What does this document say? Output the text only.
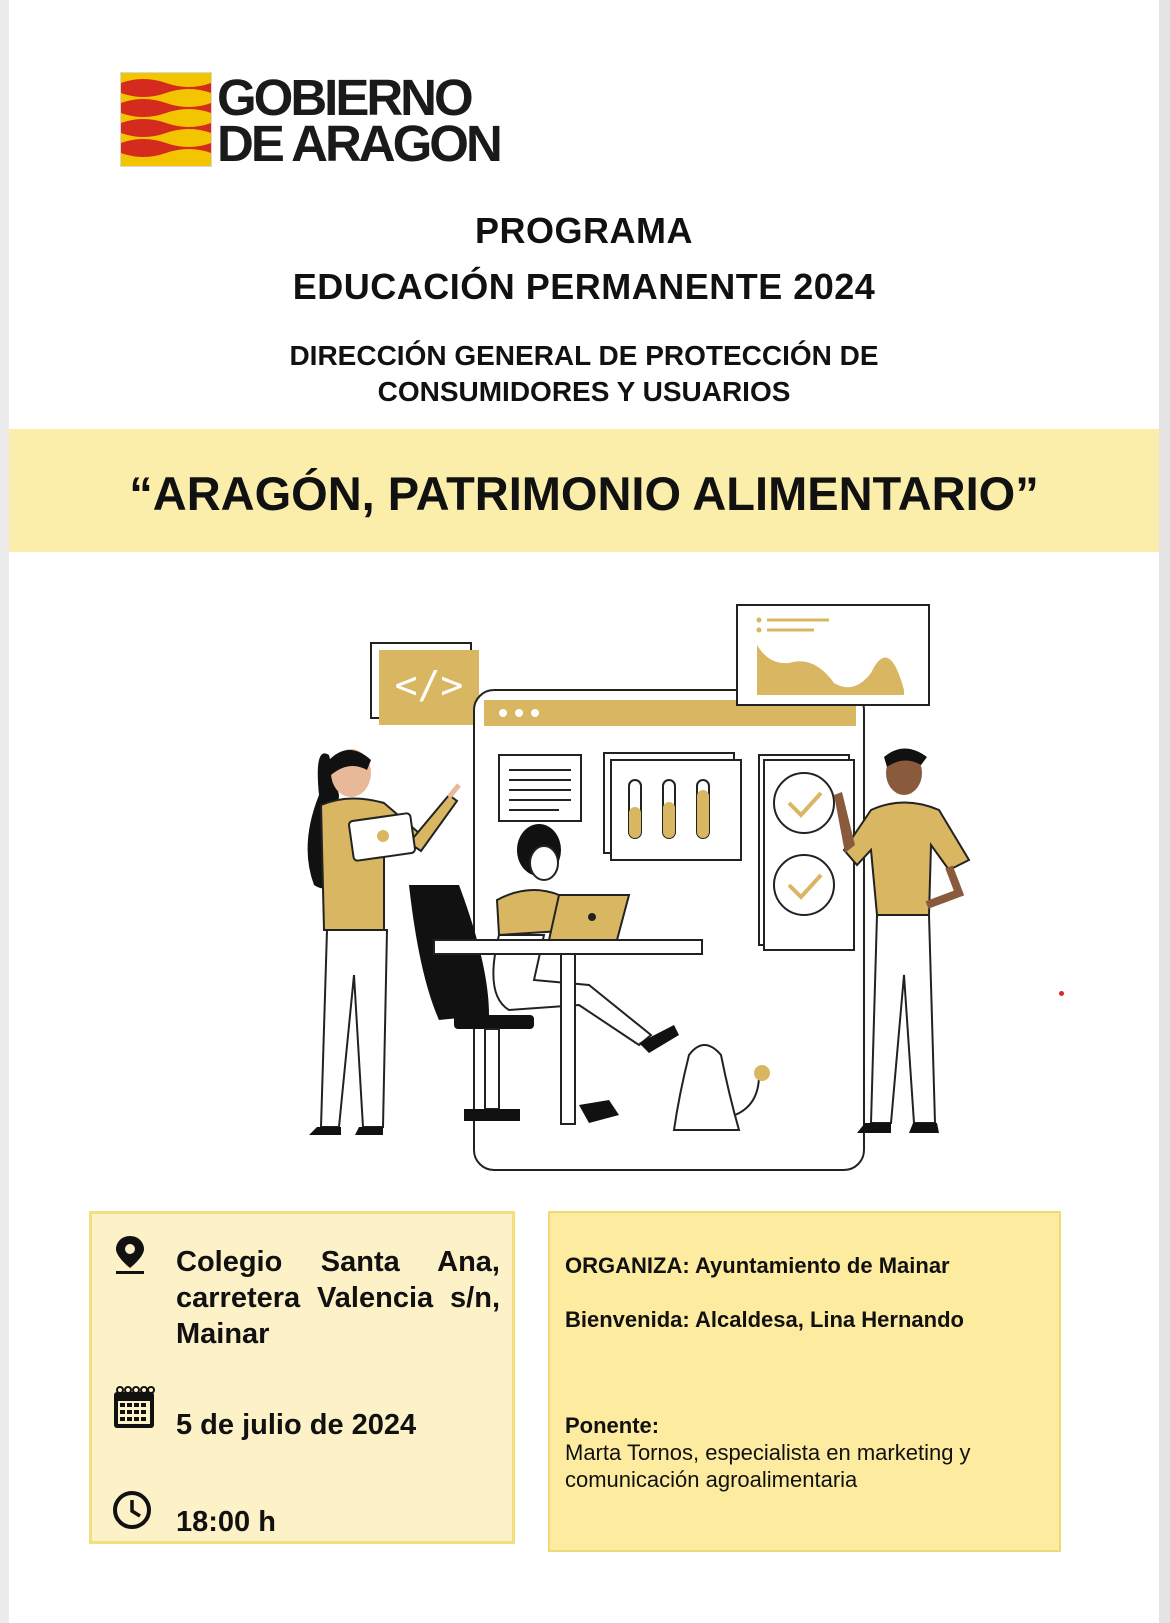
GOBIERNO
DE ARAGON
PROGRAMA
EDUCACIÓN PERMANENTE 2024
DIRECCIÓN GENERAL DE PROTECCIÓN DE
CONSUMIDORES Y USUARIOS
“ARAGÓN, PATRIMONIO ALIMENTARIO”
</>
Colegio Santa Ana,
carretera Valencia s/n,
Mainar
5 de julio de 2024
18:00 h
ORGANIZA: Ayuntamiento de Mainar
Bienvenida: Alcaldesa, Lina Hernando
Ponente:
Marta Tornos, especialista en marketing y comunicación agroalimentaria
